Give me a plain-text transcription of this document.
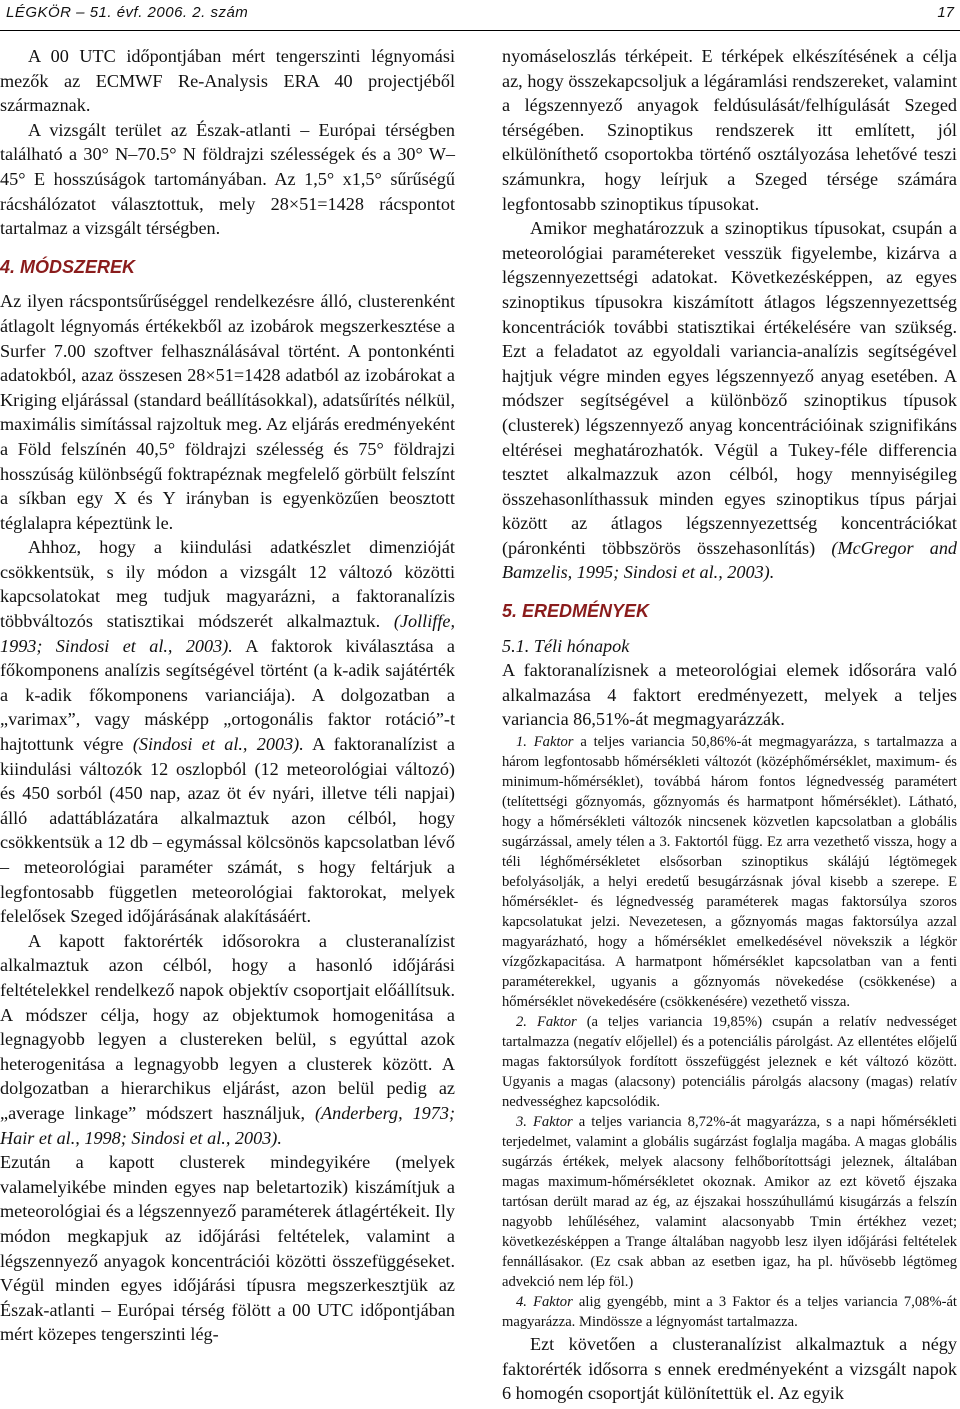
LÉGKÖR – 51. évf. 2006. 2. szám	17

A 00 UTC időpontjában mért tengerszinti légnyomási mezők az ECMWF Re-Analysis ERA 40 projectjéből származnak.

A vizsgált terület az Észak-atlanti – Európai térségben található a 30° N–70.5° N földrajzi szélességek és a 30° W–45° E hosszúságok tartományában. Az 1,5° x1,5° sűrűségű rácshálózatot választottuk, mely 28×51=1428 rácspontot tartalmaz a vizsgált térségben.

4. MÓDSZEREK

Az ilyen rácspontsűrűséggel rendelkezésre álló, clusterenként átlagolt légnyomás értékekből az izobárok megszerkesztése a Surfer 7.00 szoftver felhasználásával történt. A pontonkénti adatokból, azaz összesen 28×51=1428 adatból az izobárokat a Kriging eljárással (standard beállításokkal), adatsűrítés nélkül, maximális simítással rajzoltuk meg. Az eljárás eredményeként a Föld felszínén 40,5° földrajzi szélesség és 75° földrajzi hosszúság különbségű foktrapéznak megfelelő görbült felszínt a síkban egy X és Y irányban is egyenközűen beosztott téglalapra képeztünk le.

Ahhoz, hogy a kiindulási adatkészlet dimenzióját csökkentsük, s ily módon a vizsgált 12 változó közötti kapcsolatokat meg tudjuk magyarázni, a faktoranalízis többváltozós statisztikai módszerét alkalmaztuk. (Jolliffe, 1993; Sindosi et al., 2003). A faktorok kiválasztása a főkomponens analízis segítségével történt (a k-adik sajátérték a k-adik főkomponens varianciája). A dolgozatban a „varimax”, vagy másképp „ortogonális faktor rotáció”-t hajtottunk végre (Sindosi et al., 2003). A faktoranalízist a kiindulási változók 12 oszlopból (12 meteorológiai változó) és 450 sorból (450 nap, azaz öt év nyári, illetve téli napjai) álló adattáblázatára alkalmaztuk azon célból, hogy csökkentsük a 12 db – egymással kölcsönös kapcsolatban lévő – meteorológiai paraméter számát, s hogy feltárjuk a legfontosabb független meteorológiai faktorokat, melyek felelősek Szeged időjárásának alakításáért.

A kapott faktorérték idősorokra a clusteranalízist alkalmaztuk azon célból, hogy a hasonló időjárási feltételekkel rendelkező napok objektív csoportjait előállítsuk. A módszer célja, hogy az objektumok homogenitása a legnagyobb legyen a clustereken belül, s egyúttal azok heterogenitása a legnagyobb legyen a clusterek között. A dolgozatban a hierarchikus eljárást, azon belül pedig az „average linkage” módszert használjuk, (Anderberg, 1973; Hair et al., 1998; Sindosi et al., 2003).

Ezután a kapott clusterek mindegyikére (melyek valamelyikébe minden egyes nap beletartozik) kiszámítjuk a meteorológiai és a légszennyező paraméterek átlagértékeit. Ily módon megkapjuk az időjárási feltételek, valamint a légszennyező anyagok koncentrációi közötti összefüggéseket. Végül minden egyes időjárási típusra megszerkesztjük az Észak-atlanti – Európai térség fölött a 00 UTC időpontjában mért közepes tengerszinti lég-

nyomáseloszlás térképeit. E térképek elkészítésének a célja az, hogy összekapcsoljuk a légáramlási rendszereket, valamint a légszennyező anyagok feldúsulását/felhígulását Szeged térségében. Szinoptikus rendszerek itt említett, jól elkülöníthető csoportokba történő osztályozása lehetővé teszi számunkra, hogy leírjuk a Szeged térsége számára legfontosabb szinoptikus típusokat.

Amikor meghatározzuk a szinoptikus típusokat, csupán a meteorológiai paramétereket vesszük figyelembe, kizárva a légszennyezettségi adatokat. Következésképpen, az egyes szinoptikus típusokra kiszámított átlagos légszennyezettség koncentrációk további statisztikai értékelésére van szükség. Ezt a feladatot az egyoldali variancia-analízis segítségével hajtjuk végre minden egyes légszennyező anyag esetében. A módszer segítségével a különböző szinoptikus típusok (clusterek) légszennyező anyag koncentrációinak szignifikáns eltérései meghatározhatók. Végül a Tukey-féle differencia tesztet alkalmazzuk azon célból, hogy mennyiségileg összehasonlíthassuk minden egyes szinoptikus típus párjai között az átlagos légszennyezettség koncentrációkat (páronkénti többszörös összehasonlítás) (McGregor and Bamzelis, 1995; Sindosi et al., 2003).

5. EREDMÉNYEK
5.1. Téli hónapok

A faktoranalízisnek a meteorológiai elemek idősorára való alkalmazása 4 faktort eredményezett, melyek a teljes variancia 86,51%-át megmagyarázzák.

1. Faktor a teljes variancia 50,86%-át megmagyarázza, s tartalmazza a három legfontosabb hőmérsékleti változót (középhőmérséklet, maximum- és minimum-hőmérséklet), továbbá három fontos légnedvesség paramétert (telítettségi gőznyomás, gőznyomás és harmatpont hőmérséklet). Látható, hogy a hőmérsékleti változók nincsenek közvetlen kapcsolatban a globális sugárzással, amely télen a 3. Faktortól függ. Ez arra vezethető vissza, hogy a téli léghőmérsékletet elsősorban szinoptikus skálájú légtömegek befolyásolják, a helyi eredetű besugárzásnak jóval kisebb a szerepe. E hőmérséklet- és légnedvesség paraméterek magas faktorsúlya szoros kapcsolatukat jelzi. Nevezetesen, a gőznyomás magas faktorsúlya azzal magyarázható, hogy a hőmérséklet emelkedésével növekszik a légkör vízgőzkapacitása. A harmatpont hőmérséklet kapcsolatban van a fenti paraméterekkel, ugyanis a gőznyomás növekedése (csökkenése) a hőmérséklet növekedésére (csökkenésére) vezethető vissza.

2. Faktor (a teljes variancia 19,85%) csupán a relatív nedvességet tartalmazza (negatív előjellel) és a potenciális párolgást. Az ellentétes előjelű magas faktorsúlyok fordított összefüggést jeleznek e két változó között. Ugyanis a magas (alacsony) potenciális párolgás alacsony (magas) relatív nedvességhez kapcsolódik.

3. Faktor a teljes variancia 8,72%-át magyarázza, s a napi hőmérsékleti terjedelmet, valamint a globális sugárzást foglalja magába. A magas globális sugárzás értékek, melyek alacsony felhőborítottsági jeleznek, általában magas maximum-hőmérsékletet okoznak. Amikor az ezt követő éjszaka tartósan derült marad az ég, az éjszakai hosszúhullámú kisugárzás a felszín nagyobb lehűléséhez, valamint alacsonyabb Tmin értékhez vezet; következésképpen a Trange általában nagyobb lesz ilyen időjárási feltételek fennállásakor. (Ez csak abban az esetben igaz, ha pl. hűvösebb légtömeg advekció nem lép föl.)

4. Faktor alig gyengébb, mint a 3 Faktor és a teljes variancia 7,08%-át magyarázza. Mindössze a légnyomást tartalmazza.

Ezt követően a clusteranalízist alkalmaztuk a négy faktorérték idősorra s ennek eredményeként a vizsgált napok 6 homogén csoportját különítettük el. Az egyik
